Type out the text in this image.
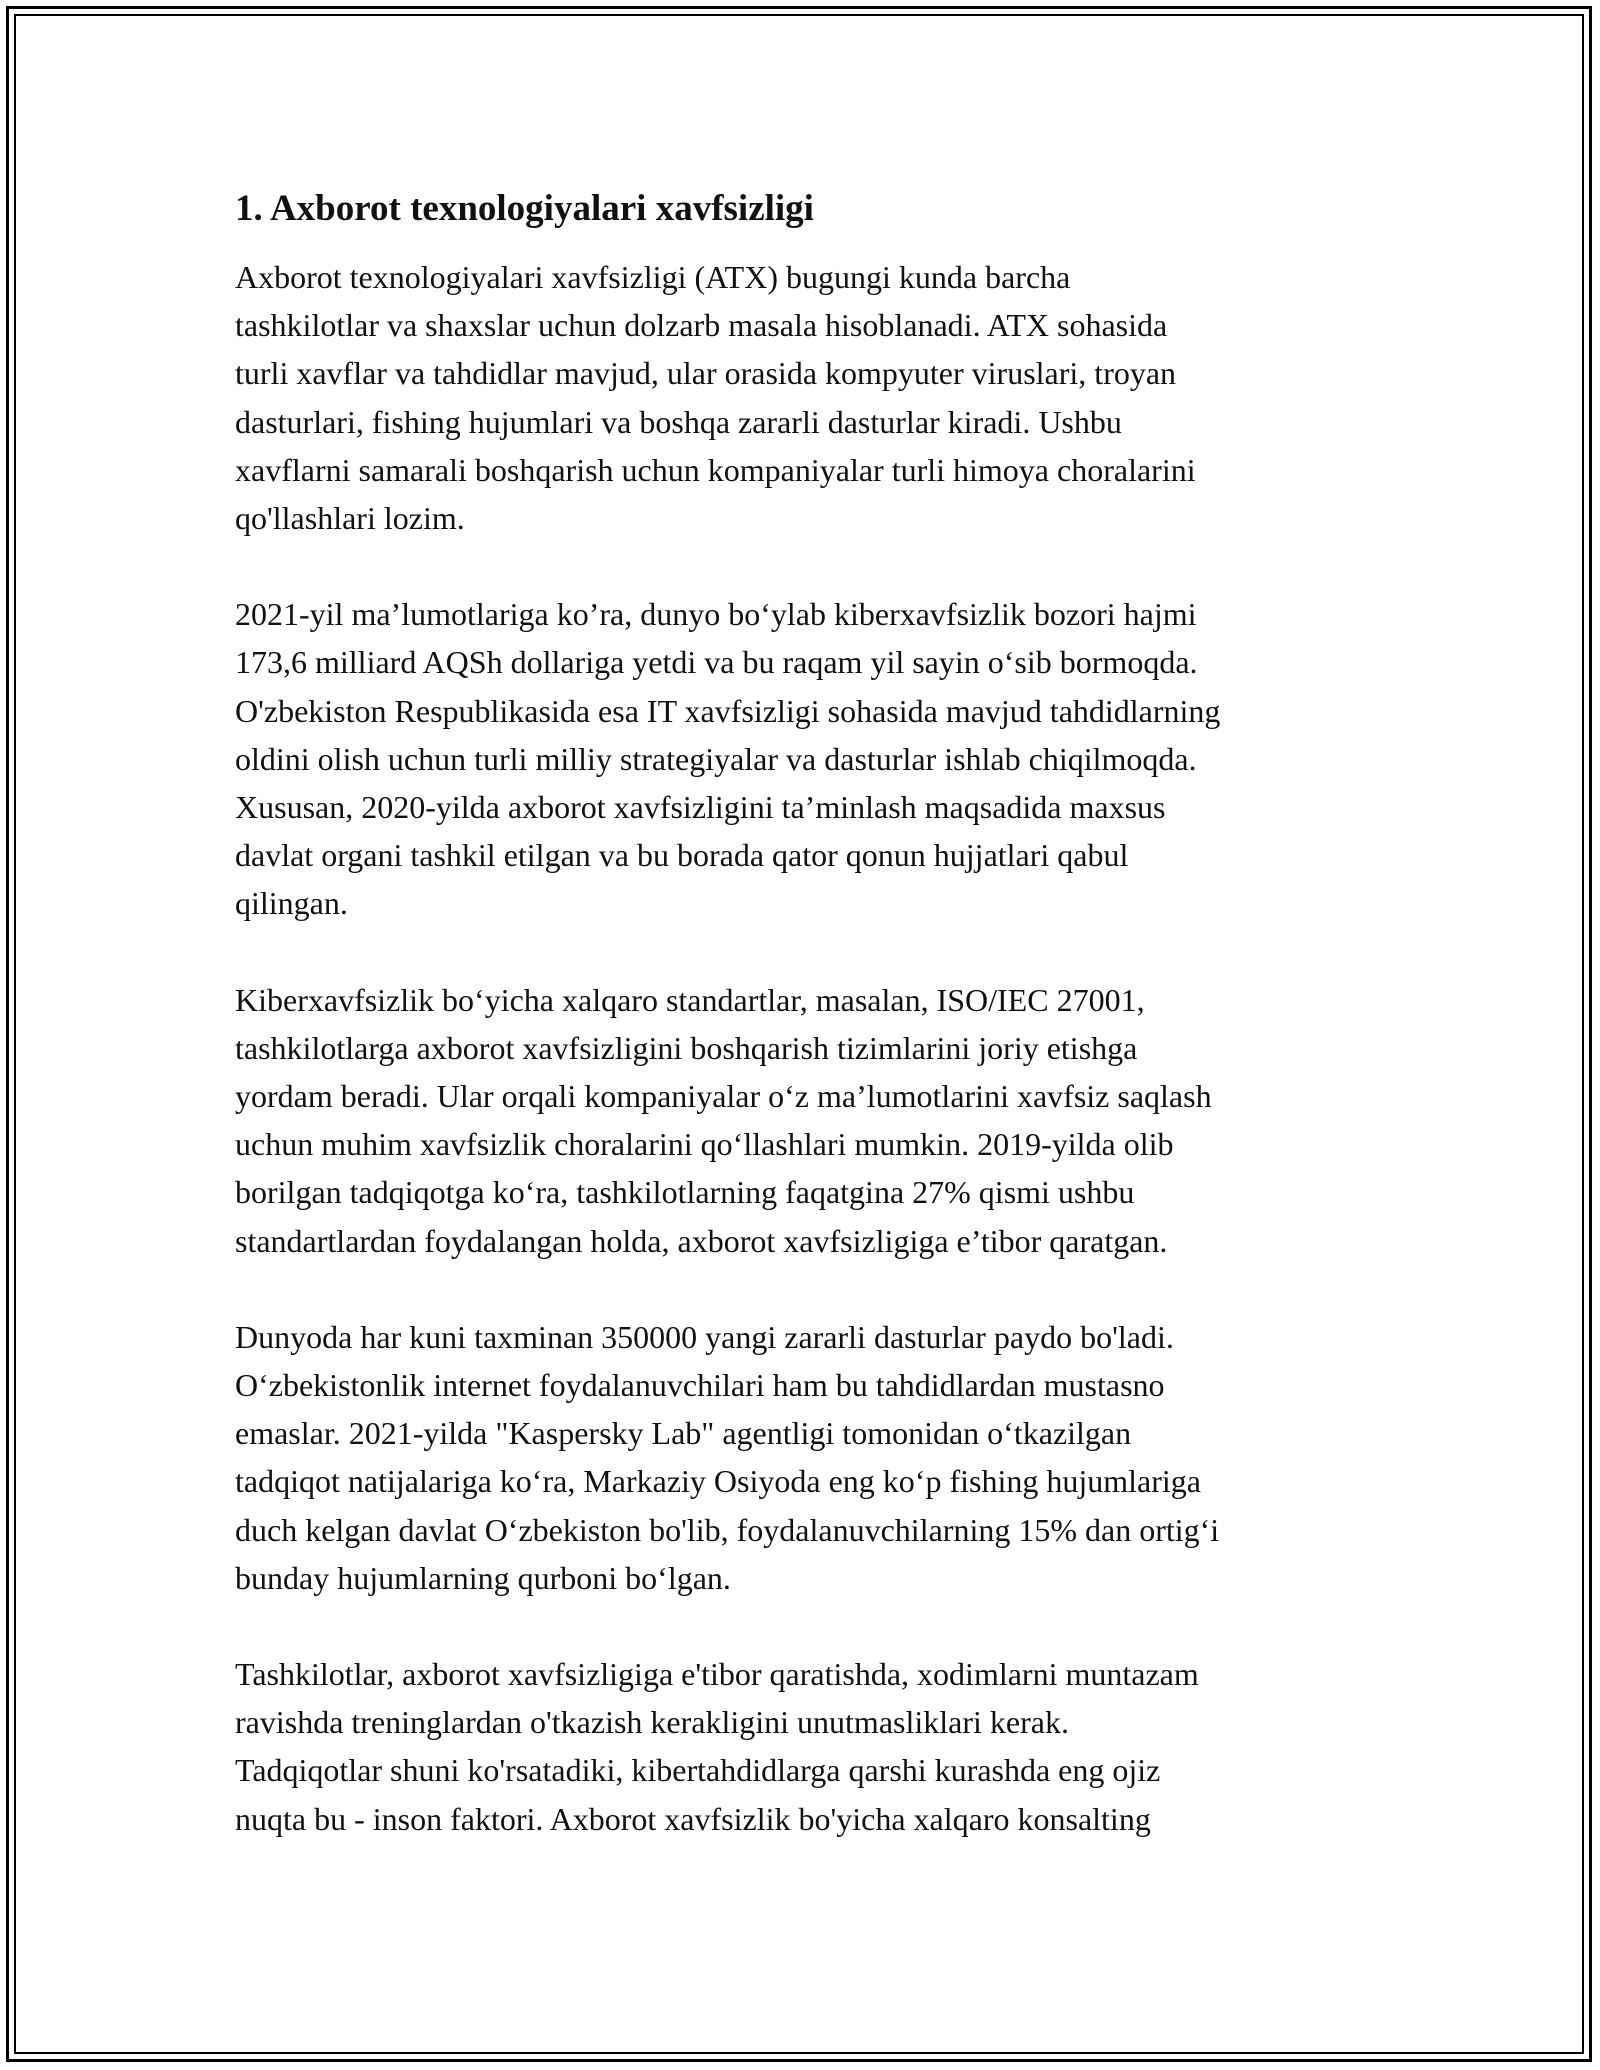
1. Axborot texnologiyalari xavfsizligi

Axborot texnologiyalari xavfsizligi (ATX) bugungi kunda barcha
tashkilotlar va shaxslar uchun dolzarb masala hisoblanadi. ATX sohasida
turli xavflar va tahdidlar mavjud, ular orasida kompyuter viruslari, troyan
dasturlari, fishing hujumlari va boshqa zararli dasturlar kiradi. Ushbu
xavflarni samarali boshqarish uchun kompaniyalar turli himoya choralarini
qo'llashlari lozim.

2021-yil ma’lumotlariga ko’ra, dunyo bo‘ylab kiberxavfsizlik bozori hajmi
173,6 milliard AQSh dollariga yetdi va bu raqam yil sayin o‘sib bormoqda.
O'zbekiston Respublikasida esa IT xavfsizligi sohasida mavjud tahdidlarning
oldini olish uchun turli milliy strategiyalar va dasturlar ishlab chiqilmoqda.
Xususan, 2020-yilda axborot xavfsizligini ta’minlash maqsadida maxsus
davlat organi tashkil etilgan va bu borada qator qonun hujjatlari qabul
qilingan.

Kiberxavfsizlik bo‘yicha xalqaro standartlar, masalan, ISO/IEC 27001,
tashkilotlarga axborot xavfsizligini boshqarish tizimlarini joriy etishga
yordam beradi. Ular orqali kompaniyalar o‘z ma’lumotlarini xavfsiz saqlash
uchun muhim xavfsizlik choralarini qo‘llashlari mumkin. 2019-yilda olib
borilgan tadqiqotga ko‘ra, tashkilotlarning faqatgina 27% qismi ushbu
standartlardan foydalangan holda, axborot xavfsizligiga e’tibor qaratgan.

Dunyoda har kuni taxminan 350000 yangi zararli dasturlar paydo bo'ladi.
O‘zbekistonlik internet foydalanuvchilari ham bu tahdidlardan mustasno
emaslar. 2021-yilda "Kaspersky Lab" agentligi tomonidan o‘tkazilgan
tadqiqot natijalariga ko‘ra, Markaziy Osiyoda eng ko‘p fishing hujumlariga
duch kelgan davlat O‘zbekiston bo'lib, foydalanuvchilarning 15% dan ortig‘i
bunday hujumlarning qurboni bo‘lgan.

Tashkilotlar, axborot xavfsizligiga e'tibor qaratishda, xodimlarni muntazam
ravishda treninglardan o'tkazish kerakligini unutmasliklari kerak.
Tadqiqotlar shuni ko'rsatadiki, kibertahdidlarga qarshi kurashda eng ojiz
nuqta bu - inson faktori. Axborot xavfsizlik bo'yicha xalqaro konsalting
